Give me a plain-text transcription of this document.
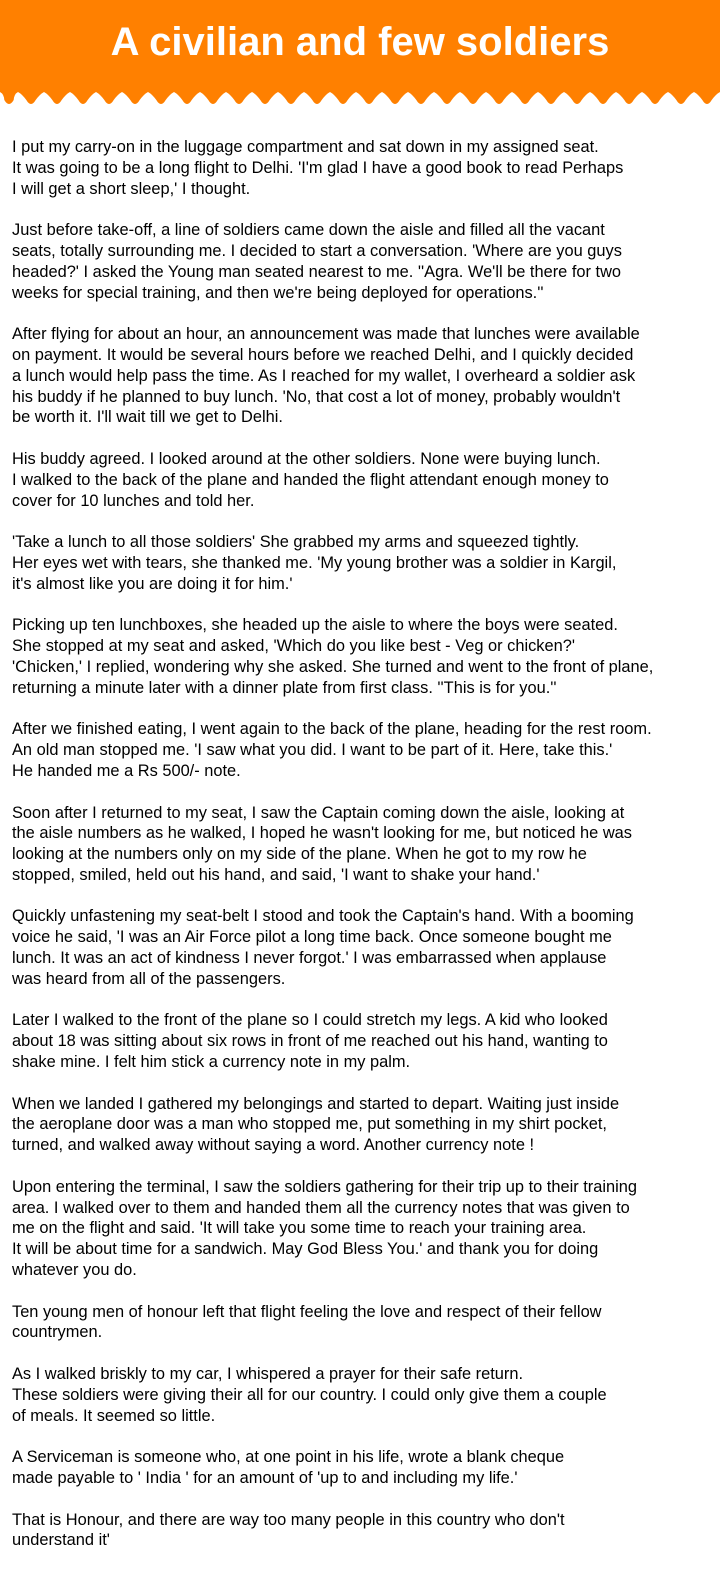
A civilian and few soldiers

I put my carry-on in the luggage compartment and sat down in my assigned seat.
It was going to be a long flight to Delhi. 'I'm glad I have a good book to read Perhaps
I will get a short sleep,' I thought.

Just before take-off, a line of soldiers came down the aisle and filled all the vacant
seats, totally surrounding me. I decided to start a conversation. 'Where are you guys
headed?' I asked the Young man seated nearest to me. ''Agra. We'll be there for two
weeks for special training, and then we're being deployed for operations.''

After flying for about an hour, an announcement was made that lunches were available
on payment. It would be several hours before we reached Delhi, and I quickly decided
a lunch would help pass the time. As I reached for my wallet, I overheard a soldier ask
his buddy if he planned to buy lunch. 'No, that cost a lot of money, probably wouldn't
be worth it. I'll wait till we get to Delhi.

His buddy agreed. I looked around at the other soldiers. None were buying lunch.
I walked to the back of the plane and handed the flight attendant enough money to
cover for 10 lunches and told her.

'Take a lunch to all those soldiers' She grabbed my arms and squeezed tightly.
Her eyes wet with tears, she thanked me. 'My young brother was a soldier in Kargil,
it's almost like you are doing it for him.'

Picking up ten lunchboxes, she headed up the aisle to where the boys were seated.
She stopped at my seat and asked, 'Which do you like best - Veg or chicken?'
'Chicken,' I replied, wondering why she asked. She turned and went to the front of plane,
returning a minute later with a dinner plate from first class. ''This is for you.''

After we finished eating, I went again to the back of the plane, heading for the rest room.
An old man stopped me. 'I saw what you did. I want to be part of it. Here, take this.'
He handed me a Rs 500/- note.

Soon after I returned to my seat, I saw the Captain coming down the aisle, looking at
the aisle numbers as he walked, I hoped he wasn't looking for me, but noticed he was
looking at the numbers only on my side of the plane. When he got to my row he
stopped, smiled, held out his hand, and said, 'I want to shake your hand.'

Quickly unfastening my seat-belt I stood and took the Captain's hand. With a booming
voice he said, 'I was an Air Force pilot a long time back. Once someone bought me
lunch. It was an act of kindness I never forgot.' I was embarrassed when applause
was heard from all of the passengers.

Later I walked to the front of the plane so I could stretch my legs. A kid who looked
about 18 was sitting about six rows in front of me reached out his hand, wanting to
shake mine. I felt him stick a currency note in my palm.

When we landed I gathered my belongings and started to depart. Waiting just inside
the aeroplane door was a man who stopped me, put something in my shirt pocket,
turned, and walked away without saying a word. Another currency note !

Upon entering the terminal, I saw the soldiers gathering for their trip up to their training
area. I walked over to them and handed them all the currency notes that was given to
me on the flight and said. 'It will take you some time to reach your training area.
It will be about time for a sandwich. May God Bless You.' and thank you for doing
whatever you do.

Ten young men of honour left that flight feeling the love and respect of their fellow
countrymen.

As I walked briskly to my car, I whispered a prayer for their safe return.
These soldiers were giving their all for our country. I could only give them a couple
of meals. It seemed so little.

A Serviceman is someone who, at one point in his life, wrote a blank cheque
made payable to ' India ' for an amount of 'up to and including my life.'

That is Honour, and there are way too many people in this country who don't
understand it'
